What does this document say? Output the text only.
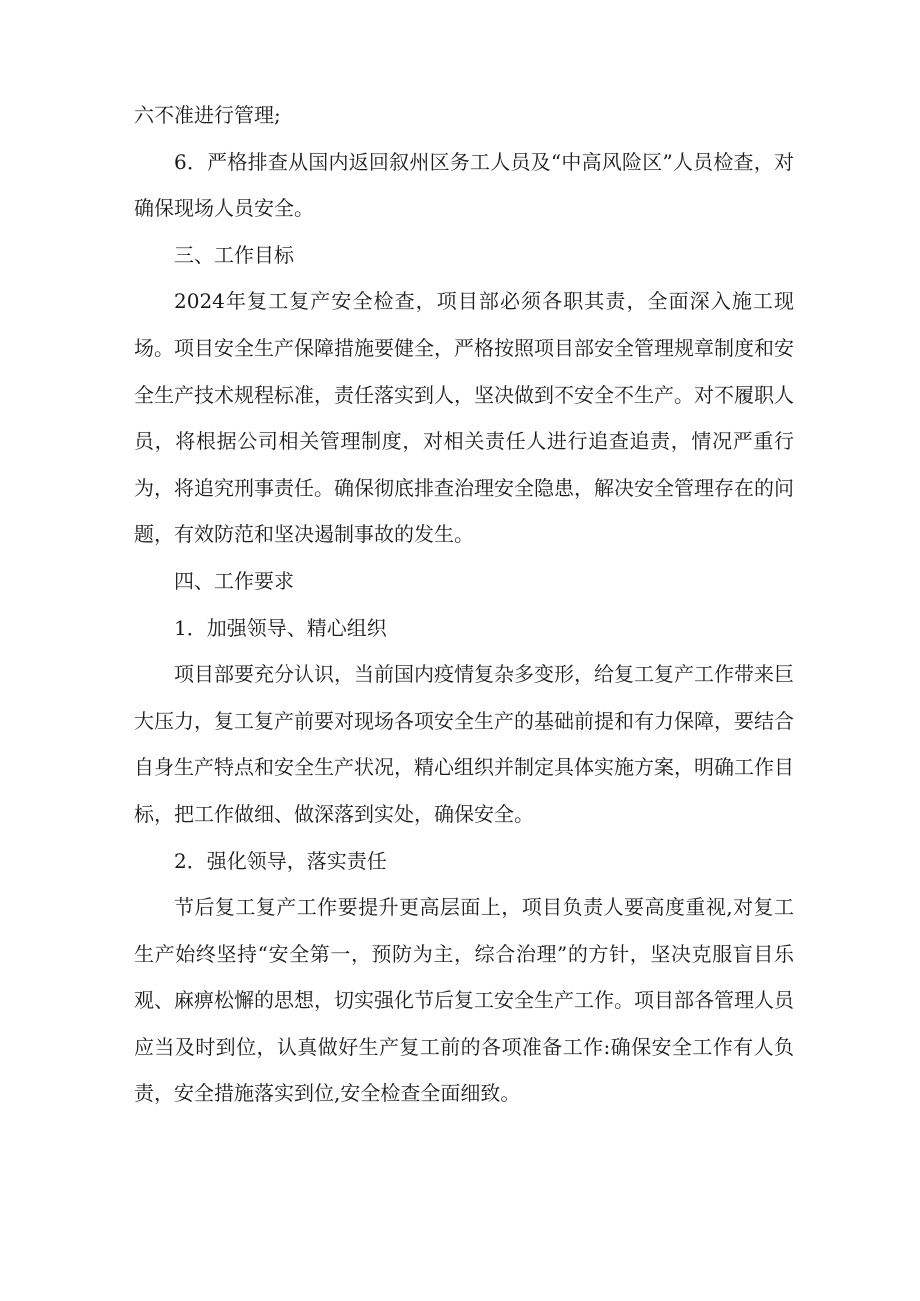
六不准进行管理;

6．严格排查从国内返回叙州区务工人员及“中高风险区”人员检查，对确保现场人员安全。

三、工作目标

2024年复工复产安全检查，项目部必须各职其责，全面深入施工现场。项目安全生产保障措施要健全，严格按照项目部安全管理规章制度和安全生产技术规程标准，责任落实到人，坚决做到不安全不生产。对不履职人员，将根据公司相关管理制度，对相关责任人进行追查追责，情况严重行为，将追究刑事责任。确保彻底排查治理安全隐患，解决安全管理存在的问题，有效防范和坚决遏制事故的发生。

四、工作要求

1．加强领导、精心组织

项目部要充分认识，当前国内疫情复杂多变形，给复工复产工作带来巨大压力，复工复产前要对现场各项安全生产的基础前提和有力保障，要结合自身生产特点和安全生产状况，精心组织并制定具体实施方案，明确工作目标，把工作做细、做深落到实处，确保安全。

2．强化领导，落实责任

节后复工复产工作要提升更高层面上，项目负责人要高度重视,对复工生产始终坚持“安全第一，预防为主，综合治理”的方针，坚决克服盲目乐观、麻痹松懈的思想，切实强化节后复工安全生产工作。项目部各管理人员应当及时到位，认真做好生产复工前的各项准备工作:确保安全工作有人负责，安全措施落实到位,安全检查全面细致。
